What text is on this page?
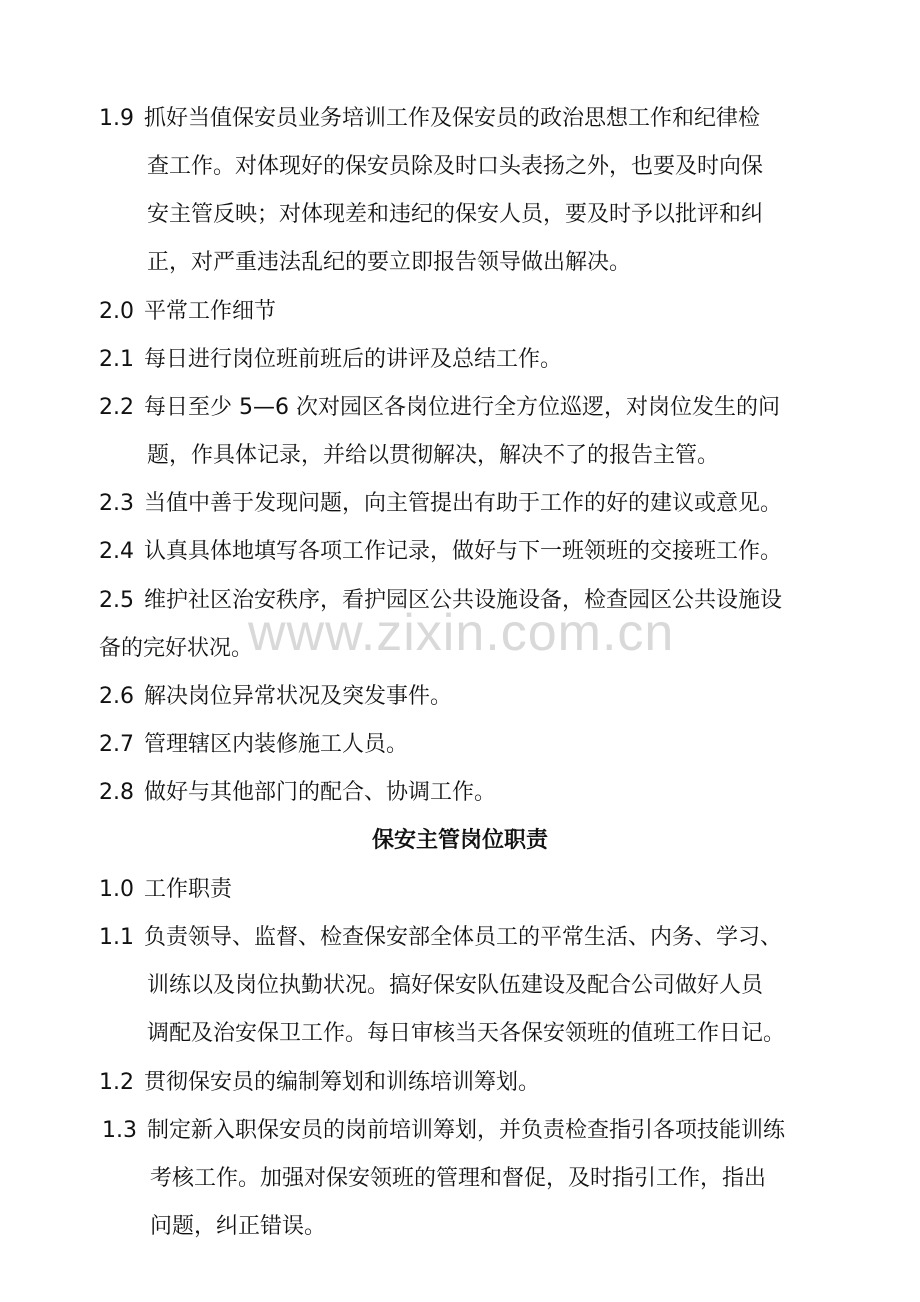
1.9 抓好当值保安员业务培训工作及保安员的政治思想工作和纪律检
查工作。对体现好的保安员除及时口头表扬之外，也要及时向保
安主管反映；对体现差和违纪的保安人员，要及时予以批评和纠
正，对严重违法乱纪的要立即报告领导做出解决。
2.0 平常工作细节
2.1 每日进行岗位班前班后的讲评及总结工作。
2.2 每日至少 5—6 次对园区各岗位进行全方位巡逻，对岗位发生的问
题，作具体记录，并给以贯彻解决，解决不了的报告主管。
2.3 当值中善于发现问题，向主管提出有助于工作的好的建议或意见。
2.4 认真具体地填写各项工作记录，做好与下一班领班的交接班工作。
2.5 维护社区治安秩序，看护园区公共设施设备，检查园区公共设施设
备的完好状况。
2.6 解决岗位异常状况及突发事件。
2.7 管理辖区内装修施工人员。
2.8 做好与其他部门的配合、协调工作。
保安主管岗位职责
1.0 工作职责
1.1 负责领导、监督、检查保安部全体员工的平常生活、内务、学习、
训练以及岗位执勤状况。搞好保安队伍建设及配合公司做好人员
调配及治安保卫工作。每日审核当天各保安领班的值班工作日记。
1.2 贯彻保安员的编制筹划和训练培训筹划。
1.3 制定新入职保安员的岗前培训筹划，并负责检查指引各项技能训练
考核工作。加强对保安领班的管理和督促，及时指引工作，指出
问题，纠正错误。
www.zixin.com.cn
